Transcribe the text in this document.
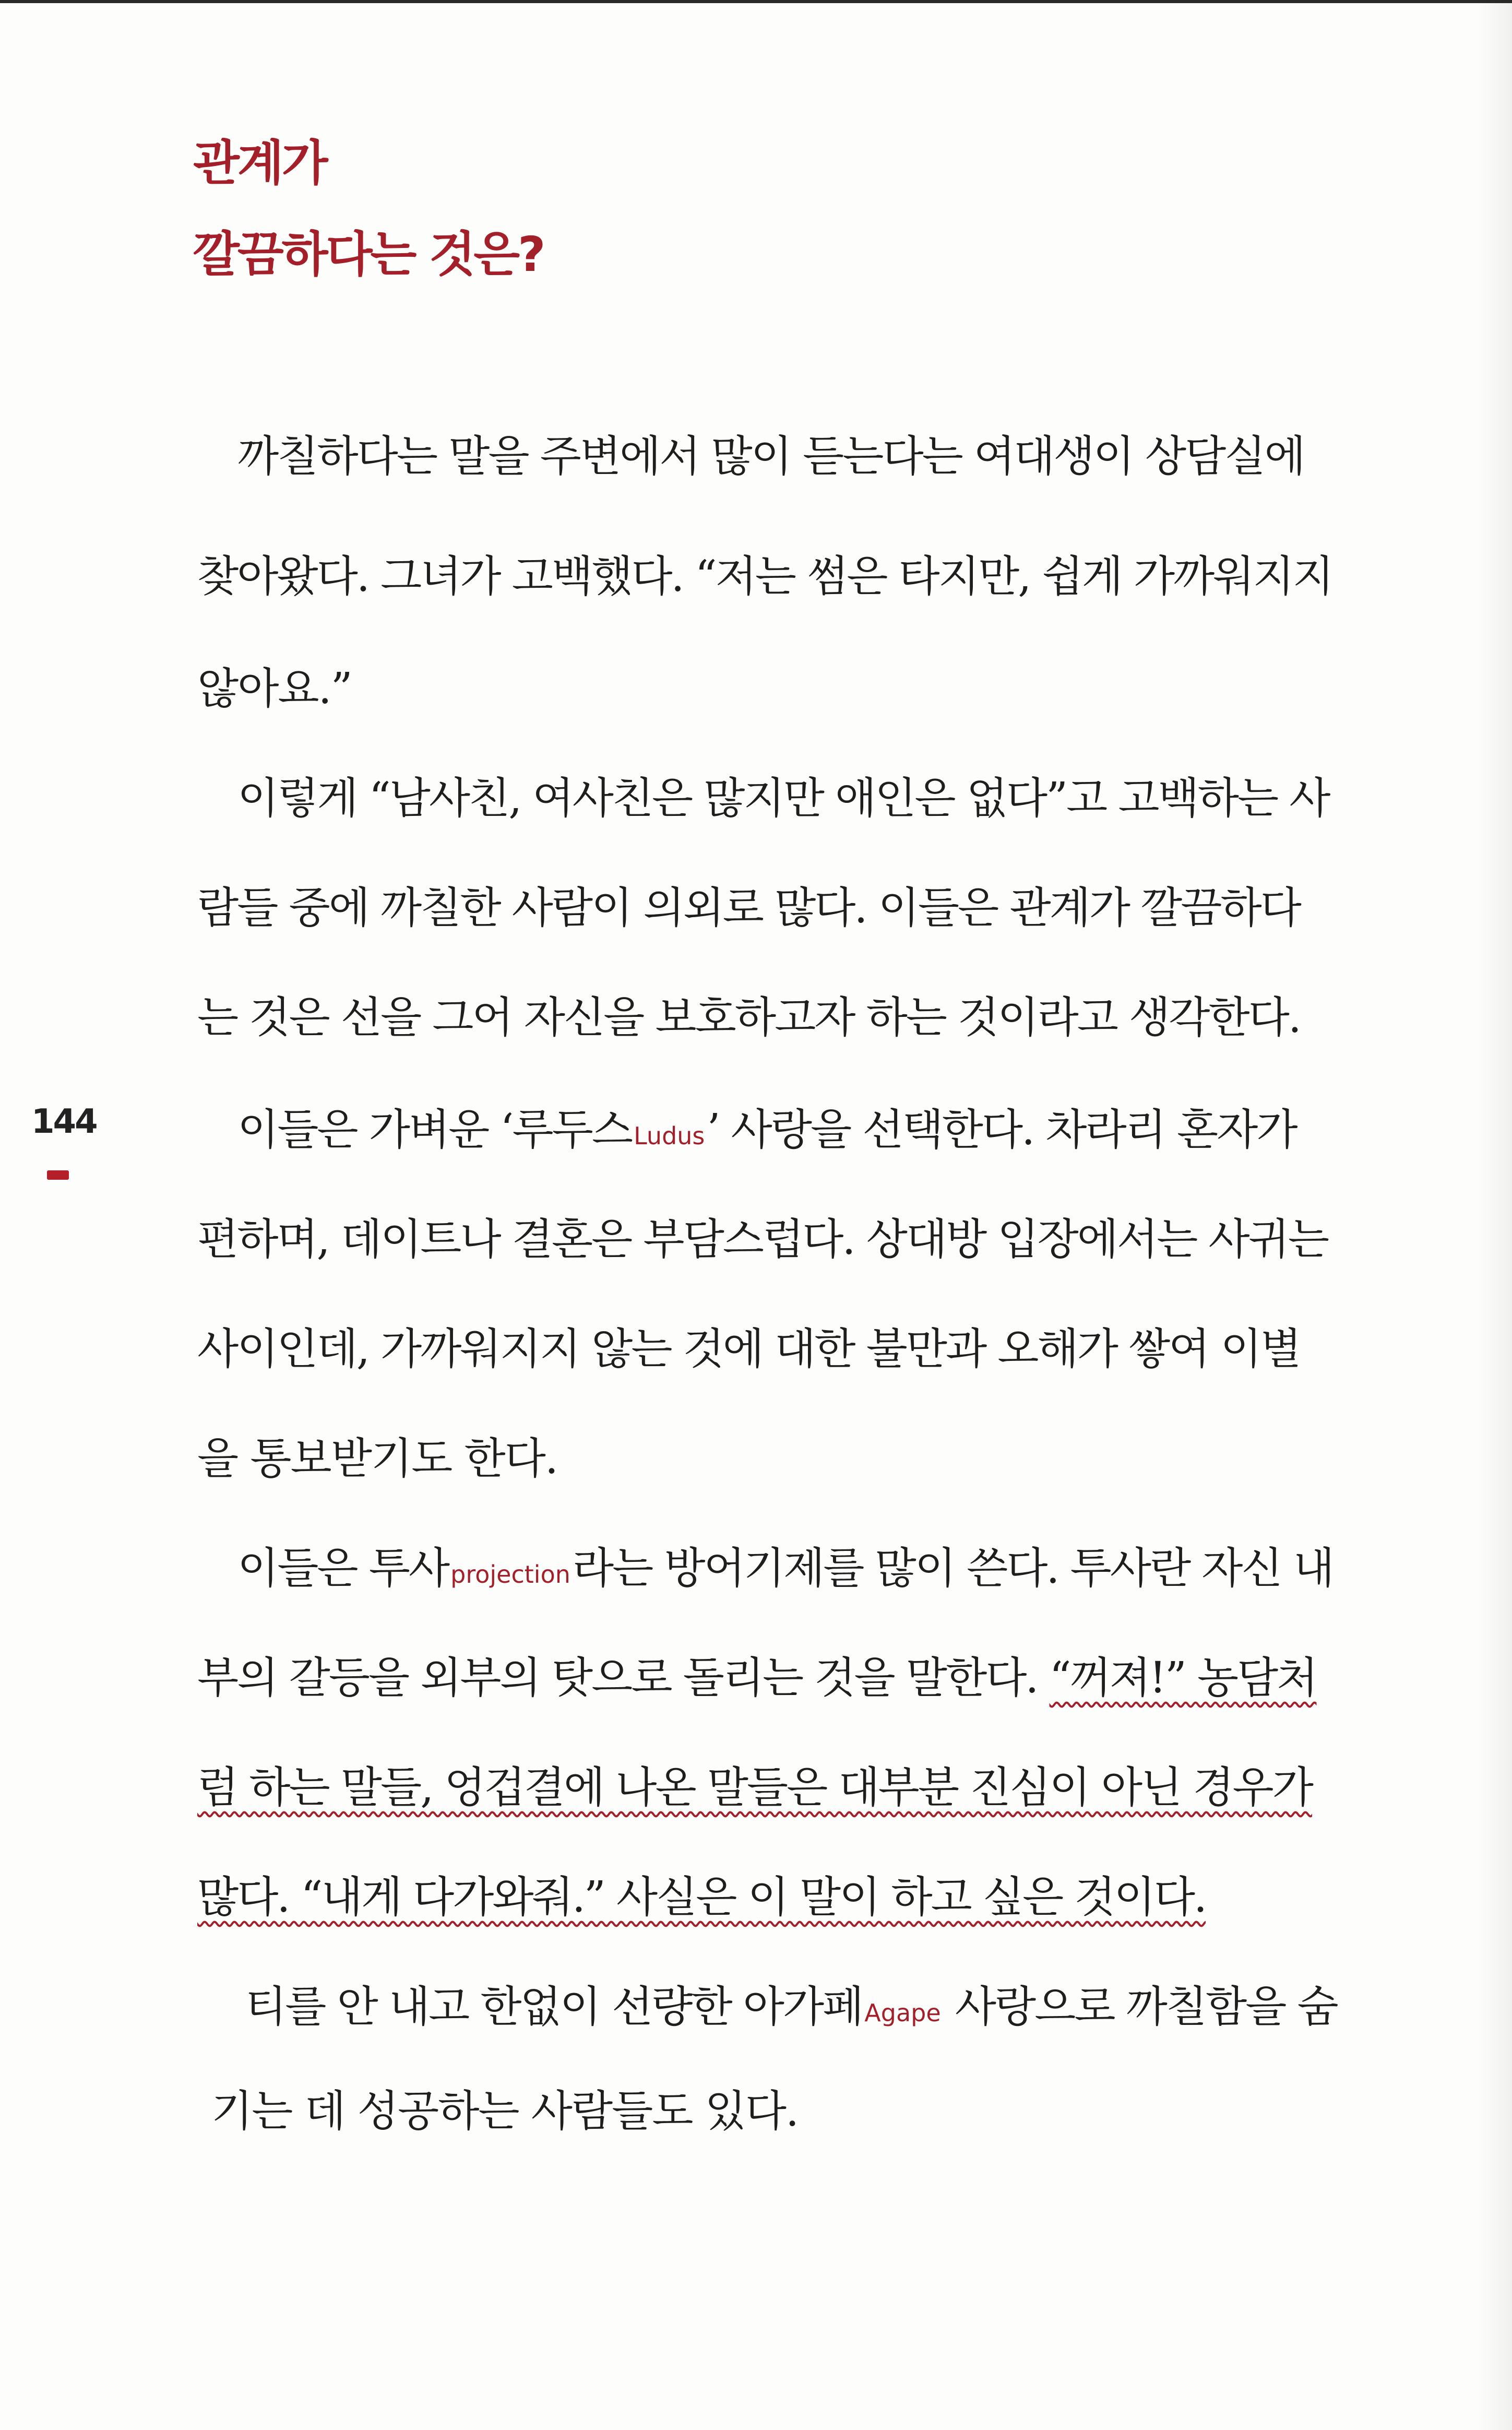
관계가
깔끔하다는 것은?
144
까칠하다는 말을 주변에서 많이 듣는다는 여대생이 상담실에
찾아왔다. 그녀가 고백했다. “저는 썸은 타지만, 쉽게 가까워지지
않아요.”
이렇게 “남사친, 여사친은 많지만 애인은 없다”고 고백하는 사
람들 중에 까칠한 사람이 의외로 많다. 이들은 관계가 깔끔하다
는 것은 선을 그어 자신을 보호하고자 하는 것이라고 생각한다.
이들은 가벼운 ‘루두스Ludus’ 사랑을 선택한다. 차라리 혼자가
편하며, 데이트나 결혼은 부담스럽다. 상대방 입장에서는 사귀는
사이인데, 가까워지지 않는 것에 대한 불만과 오해가 쌓여 이별
을 통보받기도 한다.
이들은 투사projection라는 방어기제를 많이 쓴다. 투사란 자신 내
부의 갈등을 외부의 탓으로 돌리는 것을 말한다. “꺼져!” 농담처
럼 하는 말들, 엉겁결에 나온 말들은 대부분 진심이 아닌 경우가
많다. “내게 다가와줘.” 사실은 이 말이 하고 싶은 것이다.
티를 안 내고 한없이 선량한 아가페Agape 사랑으로 까칠함을 숨
기는 데 성공하는 사람들도 있다.
